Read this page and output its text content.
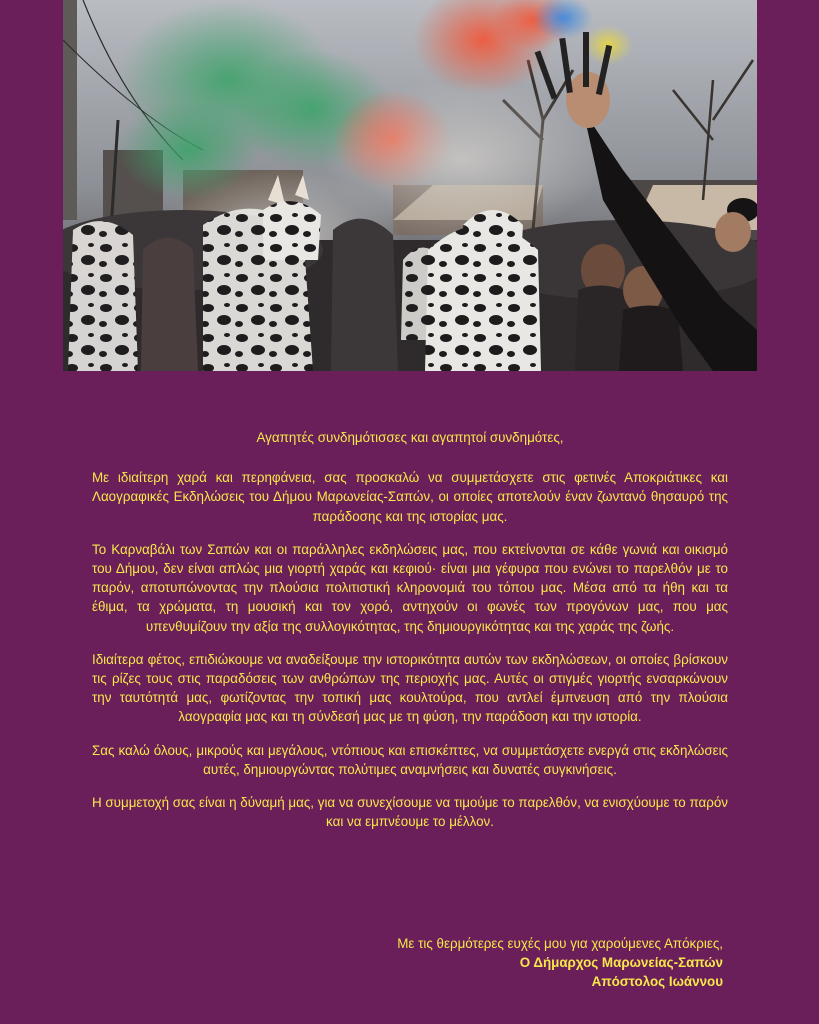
Αγαπητές συνδημότισσες και αγαπητοί συνδημότες,

Με ιδιαίτερη χαρά και περηφάνεια, σας προσκαλώ να συμμετάσχετε στις φετινές Αποκριάτικες και Λαογραφικές Εκδηλώσεις του Δήμου Μαρωνείας-Σαπών, οι οποίες αποτελούν έναν ζωντανό θησαυρό της παράδοσης και της ιστορίας μας.

Το Καρναβάλι των Σαπών και οι παράλληλες εκδηλώσεις μας, που εκτείνονται σε κάθε γωνιά και οικισμό του Δήμου, δεν είναι απλώς μια γιορτή χαράς και κεφιού· είναι μια γέφυρα που ενώνει το παρελθόν με το παρόν, αποτυπώνοντας την πλούσια πολιτιστική κληρονομιά του τόπου μας. Μέσα από τα ήθη και τα έθιμα, τα χρώματα, τη μουσική και τον χορό, αντηχούν οι φωνές των προγόνων μας, που μας υπενθυμίζουν την αξία της συλλογικότητας, της δημιουργικότητας και της χαράς της ζωής.

Ιδιαίτερα φέτος, επιδιώκουμε να αναδείξουμε την ιστορικότητα αυτών των εκδηλώσεων, οι οποίες βρίσκουν τις ρίζες τους στις παραδόσεις των ανθρώπων της περιοχής μας. Αυτές οι στιγμές γιορτής ενσαρκώνουν την ταυτότητά μας, φωτίζοντας την τοπική μας κουλτούρα, που αντλεί έμπνευση από την πλούσια λαογραφία μας και τη σύνδεσή μας με τη φύση, την παράδοση και την ιστορία.

Σας καλώ όλους, μικρούς και μεγάλους, ντόπιους και επισκέπτες, να συμμετάσχετε ενεργά στις εκδηλώσεις αυτές, δημιουργώντας πολύτιμες αναμνήσεις και δυνατές συγκινήσεις.

Η συμμετοχή σας είναι η δύναμή μας, για να συνεχίσουμε να τιμούμε το παρελθόν, να ενισχύουμε το παρόν και να εμπνέουμε το μέλλον.

Με τις θερμότερες ευχές μου για χαρούμενες Απόκριες,
Ο Δήμαρχος Μαρωνείας-Σαπών
Απόστολος Ιωάννου
